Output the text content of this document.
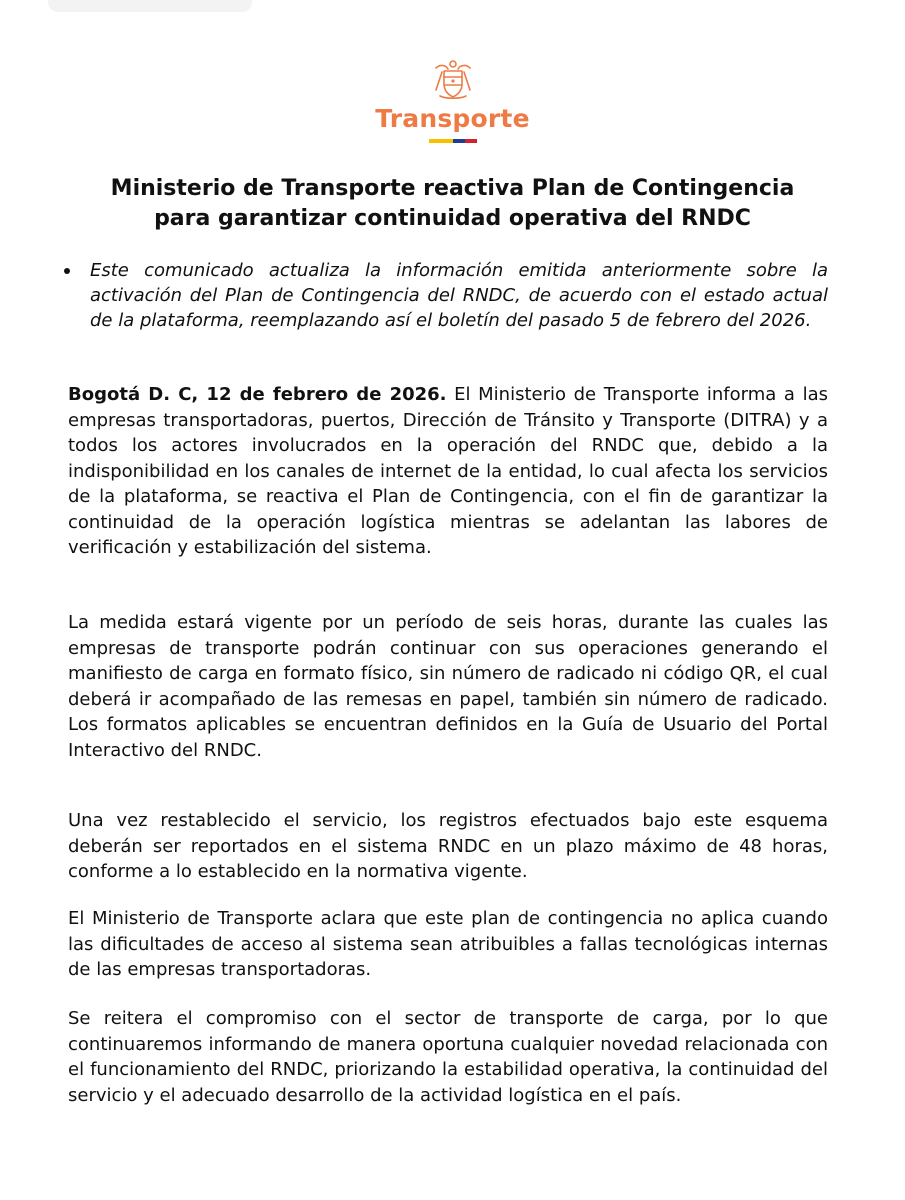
Transporte
Ministerio de Transporte reactiva Plan de Contingencia
para garantizar continuidad operativa del RNDC
Este comunicado actualiza la información emitida anteriormente sobre la activación del Plan de Contingencia del RNDC, de acuerdo con el estado actual de la plataforma, reemplazando así el boletín del pasado 5 de febrero del 2026.

Bogotá D. C, 12 de febrero de 2026. El Ministerio de Transporte informa a las empresas transportadoras, puertos, Dirección de Tránsito y Transporte (DITRA) y a todos los actores involucrados en la operación del RNDC que, debido a la indisponibilidad en los canales de internet de la entidad, lo cual afecta los servicios de la plataforma, se reactiva el Plan de Contingencia, con el fin de garantizar la continuidad de la operación logística mientras se adelantan las labores de verificación y estabilización del sistema.

La medida estará vigente por un período de seis horas, durante las cuales las empresas de transporte podrán continuar con sus operaciones generando el manifiesto de carga en formato físico, sin número de radicado ni código QR, el cual deberá ir acompañado de las remesas en papel, también sin número de radicado. Los formatos aplicables se encuentran definidos en la Guía de Usuario del Portal Interactivo del RNDC.

Una vez restablecido el servicio, los registros efectuados bajo este esquema deberán ser reportados en el sistema RNDC en un plazo máximo de 48 horas, conforme a lo establecido en la normativa vigente.

El Ministerio de Transporte aclara que este plan de contingencia no aplica cuando las dificultades de acceso al sistema sean atribuibles a fallas tecnológicas internas de las empresas transportadoras.

Se reitera el compromiso con el sector de transporte de carga, por lo que continuaremos informando de manera oportuna cualquier novedad relacionada con el funcionamiento del RNDC, priorizando la estabilidad operativa, la continuidad del servicio y el adecuado desarrollo de la actividad logística en el país.
